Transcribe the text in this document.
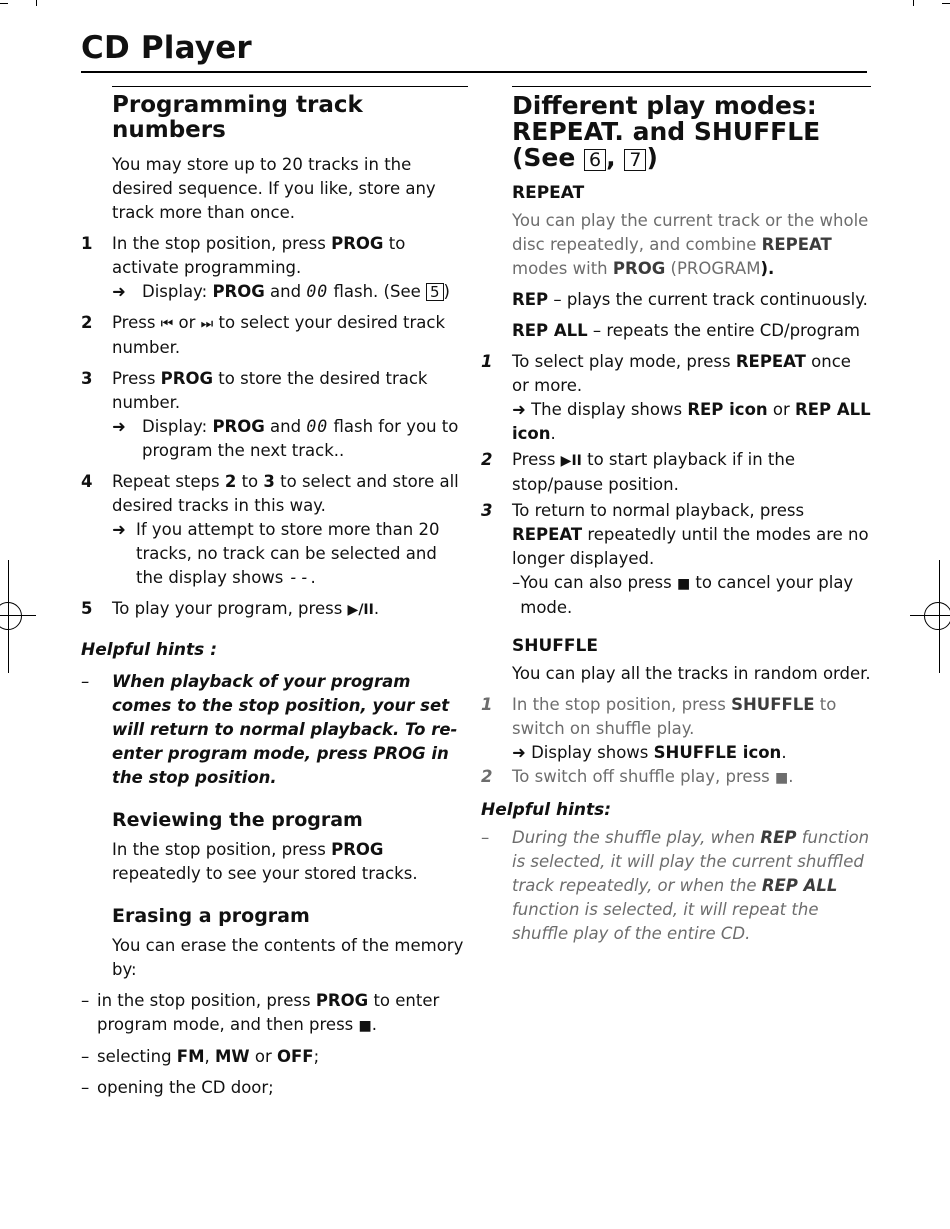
CD Player
Programming track numbers

You may store up to 20 tracks in the desired sequence. If you like, store any track more than once.

1	In the stop position, press PROG to activate programming.
➜ Display: PROG and 00 flash. (See 5 )
2	Press ⏮ or ⏭ to select your desired track number.
3	Press PROG to store the desired track number.
➜ Display: PROG and 00 flash for you to program the next track..
4	Repeat steps 2 to 3 to select and store all desired tracks in this way.
➜ If you attempt to store more than 20 tracks, no track can be selected and the display shows --.
5	To play your program, press ▶/II.
Helpful hints :
–	When playback of your program comes to the stop position, your set will return to normal playback. To re-enter program mode, press PROG in the stop position.
Reviewing the program

In the stop position, press PROG repeatedly to see your stored tracks.

Erasing a program

You can erase the contents of the memory by:

– in the stop position, press PROG to enter program mode, and then press ■.
– selecting FM, MW or OFF;
– opening the CD door;
Different play modes:
REPEAT. and SHUFFLE
(See 6 , 7 )
REPEAT

You can play the current track or the whole disc repeatedly, and combine REPEAT modes with PROG (PROGRAM).

REP – plays the current track continuously.

REP ALL – repeats the entire CD/program

1	To select play mode, press REPEAT once or more.
➜ The display shows REP icon or REP ALL icon.
2	Press ▶II to start playback if in the stop/pause position.
3	To return to normal playback, press REPEAT repeatedly until the modes are no longer displayed.
– You can also press ■ to cancel your play mode.
SHUFFLE

You can play all the tracks in random order.

1	In the stop position, press SHUFFLE to switch on shuffle play.
➜ Display shows SHUFFLE icon.
2	To switch off shuffle play, press ■.
Helpful hints:
–	During the shuffle play, when REP function is selected, it will play the current shuffled track repeatedly, or when the REP ALL function is selected, it will repeat the shuffle play of the entire CD.
